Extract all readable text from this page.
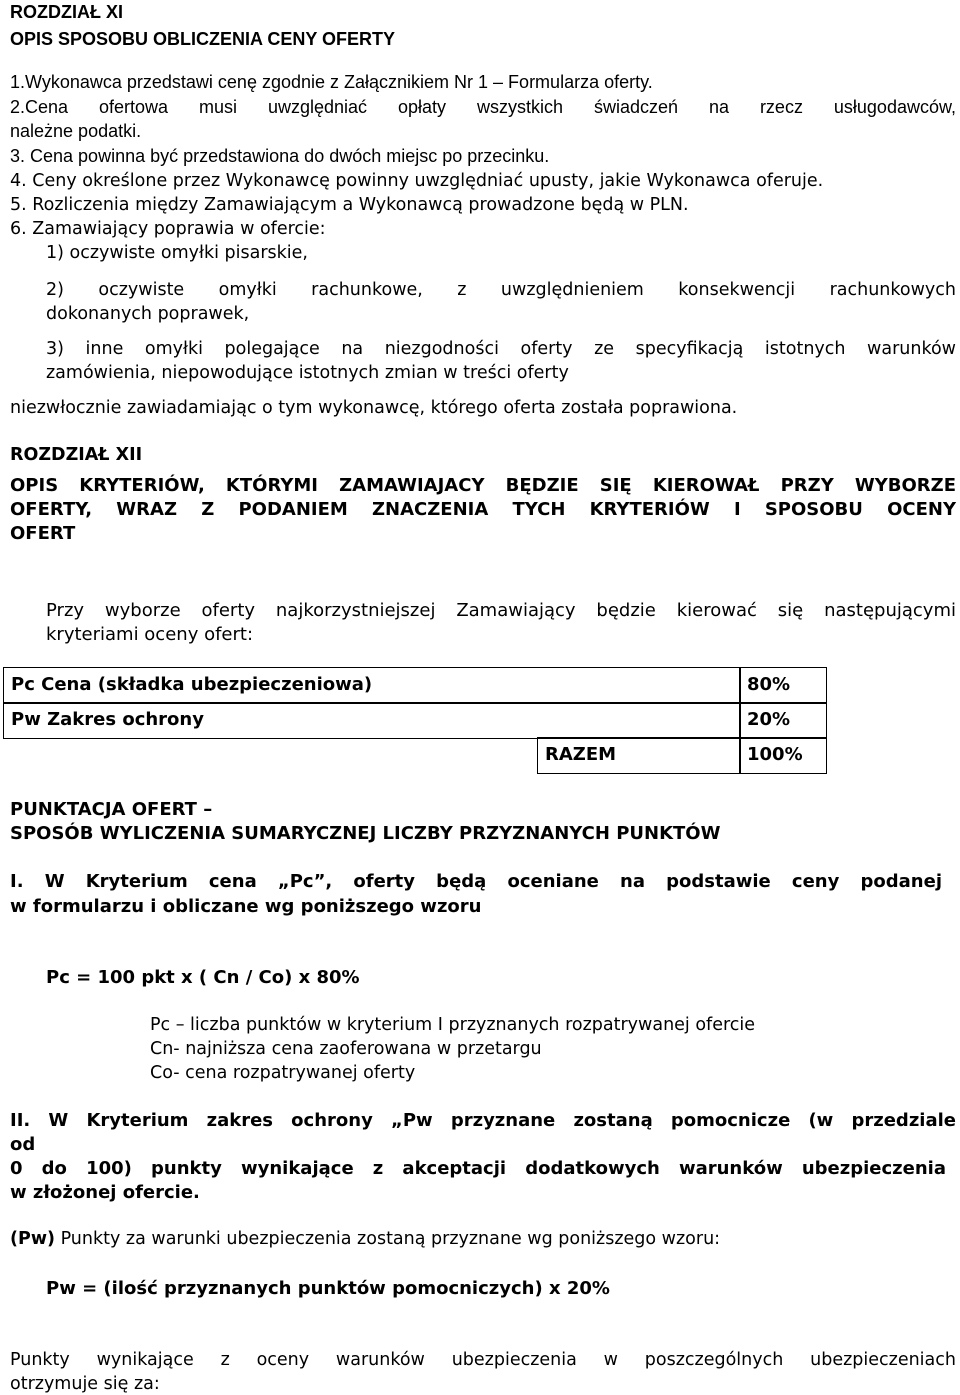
ROZDZIAŁ XI
OPIS SPOSOBU OBLICZENIA CENY OFERTY
1.Wykonawca przedstawi cenę zgodnie z Załącznikiem Nr 1 – Formularza oferty.
2.Cena ofertowa musi uwzględniać opłaty wszystkich świadczeń na rzecz usługodawców,
należne podatki.
3. Cena powinna być przedstawiona do dwóch miejsc po przecinku.
4. Ceny określone przez Wykonawcę powinny uwzględniać upusty, jakie Wykonawca oferuje.
5. Rozliczenia między Zamawiającym a Wykonawcą prowadzone będą w PLN.
6. Zamawiający poprawia w ofercie:
1) oczywiste omyłki pisarskie,
2) oczywiste omyłki rachunkowe, z uwzględnieniem konsekwencji rachunkowych
dokonanych poprawek,
3) inne omyłki polegające na niezgodności oferty ze specyfikacją istotnych warunków
zamówienia, niepowodujące istotnych zmian w treści oferty
niezwłocznie zawiadamiając o tym wykonawcę, którego oferta została poprawiona.
ROZDZIAŁ XII
OPIS KRYTERIÓW, KTÓRYMI ZAMAWIAJACY BĘDZIE SIĘ KIEROWAŁ PRZY WYBORZE
OFERTY, WRAZ Z PODANIEM ZNACZENIA TYCH KRYTERIÓW I SPOSOBU OCENY
OFERT
Przy wyborze oferty najkorzystniejszej Zamawiający będzie kierować się następującymi
kryteriami oceny ofert:
Pc Cena (składka ubezpieczeniowa)	80%
Pw Zakres ochrony	20%
RAZEM	100%
PUNKTACJA OFERT –
SPOSÓB WYLICZENIA SUMARYCZNEJ LICZBY PRZYZNANYCH PUNKTÓW
I. W Kryterium cena „Pc”, oferty będą oceniane na podstawie ceny podanej
w formularzu i obliczane wg poniższego wzoru
Pc = 100 pkt x ( Cn / Co) x 80%
Pc – liczba punktów w kryterium I przyznanych rozpatrywanej ofercie
Cn- najniższa cena zaoferowana w przetargu
Co- cena rozpatrywanej oferty
II. W Kryterium zakres ochrony „Pw przyznane zostaną pomocnicze (w przedziale
od
0 do 100) punkty wynikające z akceptacji dodatkowych warunków ubezpieczenia
w złożonej ofercie.
(Pw) Punkty za warunki ubezpieczenia zostaną przyznane wg poniższego wzoru:
Pw = (ilość przyznanych punktów pomocniczych) x 20%
Punkty wynikające z oceny warunków ubezpieczenia w poszczególnych ubezpieczeniach
otrzymuje się za:
